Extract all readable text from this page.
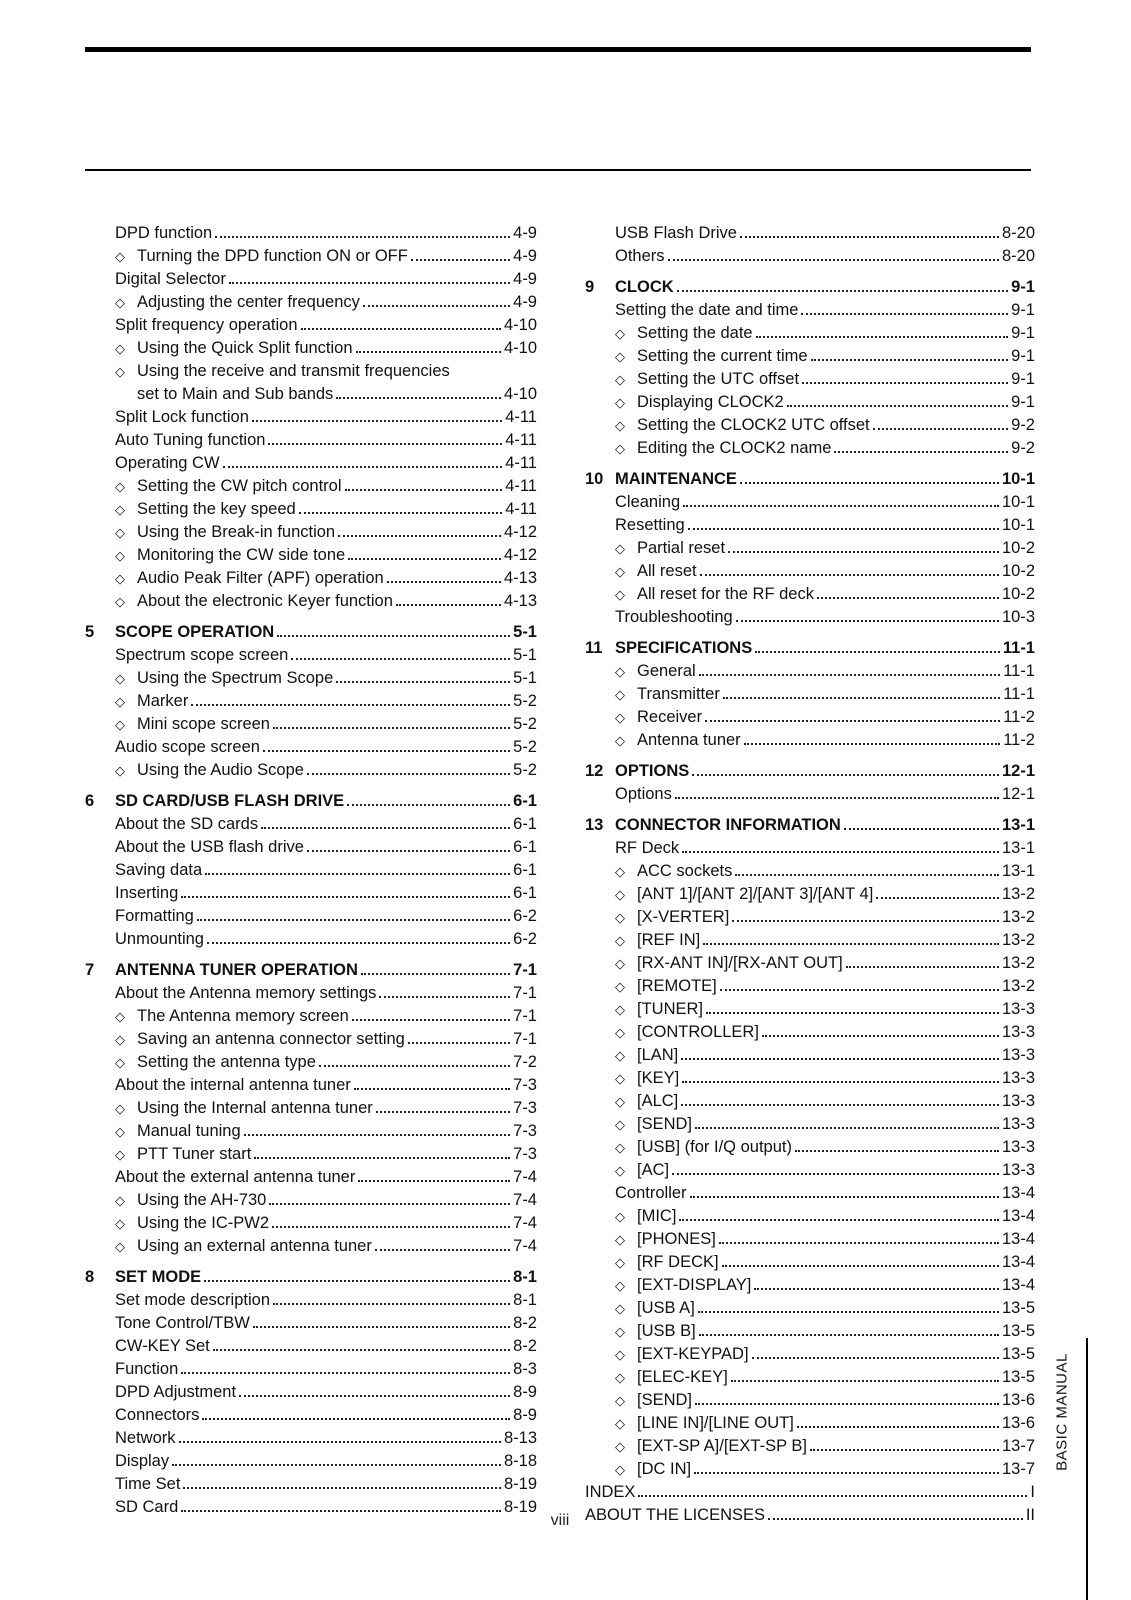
DPD function	4-9
◇ Turning the DPD function ON or OFF	4-9
Digital Selector	4-9
◇ Adjusting the center frequency	4-9
Split frequency operation	4-10
◇ Using the Quick Split function	4-10
◇ Using the receive and transmit frequencies
set to Main and Sub bands	4-10
Split Lock function	4-11
Auto Tuning function	4-11
Operating CW	4-11
◇ Setting the CW pitch control	4-11
◇ Setting the key speed	4-11
◇ Using the Break-in function	4-12
◇ Monitoring the CW side tone	4-12
◇ Audio Peak Filter (APF) operation	4-13
◇ About the electronic Keyer function	4-13
5	SCOPE OPERATION	5-1
Spectrum scope screen	5-1
◇ Using the Spectrum Scope	5-1
◇ Marker	5-2
◇ Mini scope screen	5-2
Audio scope screen	5-2
◇ Using the Audio Scope	5-2
6	SD CARD/USB FLASH DRIVE	6-1
About the SD cards	6-1
About the USB flash drive	6-1
Saving data	6-1
Inserting	6-1
Formatting	6-2
Unmounting	6-2
7	ANTENNA TUNER OPERATION	7-1
About the Antenna memory settings	7-1
◇ The Antenna memory screen	7-1
◇ Saving an antenna connector setting	7-1
◇ Setting the antenna type	7-2
About the internal antenna tuner	7-3
◇ Using the Internal antenna tuner	7-3
◇ Manual tuning	7-3
◇ PTT Tuner start	7-3
About the external antenna tuner	7-4
◇ Using the AH-730	7-4
◇ Using the IC-PW2	7-4
◇ Using an external antenna tuner	7-4
8	SET MODE	8-1
Set mode description	8-1
Tone Control/TBW	8-2
CW-KEY Set	8-2
Function	8-3
DPD Adjustment	8-9
Connectors	8-9
Network	8-13
Display	8-18
Time Set	8-19
SD Card	8-19
USB Flash Drive	8-20
Others	8-20
9	CLOCK	9-1
Setting the date and time	9-1
◇ Setting the date	9-1
◇ Setting the current time	9-1
◇ Setting the UTC offset	9-1
◇ Displaying CLOCK2	9-1
◇ Setting the CLOCK2 UTC offset	9-2
◇ Editing the CLOCK2 name	9-2
10 MAINTENANCE	10-1
Cleaning	10-1
Resetting	10-1
◇ Partial reset	10-2
◇ All reset	10-2
◇ All reset for the RF deck	10-2
Troubleshooting	10-3
11 SPECIFICATIONS	11-1
◇ General	11-1
◇ Transmitter	11-1
◇ Receiver	11-2
◇ Antenna tuner	11-2
12 OPTIONS	12-1
Options	12-1
13 CONNECTOR INFORMATION	13-1
RF Deck	13-1
◇ ACC sockets	13-1
◇ [ANT 1]/[ANT 2]/[ANT 3]/[ANT 4]	13-2
◇ [X-VERTER]	13-2
◇ [REF IN]	13-2
◇ [RX-ANT IN]/[RX-ANT OUT]	13-2
◇ [REMOTE]	13-2
◇ [TUNER]	13-3
◇ [CONTROLLER]	13-3
◇ [LAN]	13-3
◇ [KEY]	13-3
◇ [ALC]	13-3
◇ [SEND]	13-3
◇ [USB] (for I/Q output)	13-3
◇ [AC]	13-3
Controller	13-4
◇ [MIC]	13-4
◇ [PHONES]	13-4
◇ [RF DECK]	13-4
◇ [EXT-DISPLAY]	13-4
◇ [USB A]	13-5
◇ [USB B]	13-5
◇ [EXT-KEYPAD]	13-5
◇ [ELEC-KEY]	13-5
◇ [SEND]	13-6
◇ [LINE IN]/[LINE OUT]	13-6
◇ [EXT-SP A]/[EXT-SP B]	13-7
◇ [DC IN]	13-7
INDEX	I
ABOUT THE LICENSES	II
viii
BASIC MANUAL
